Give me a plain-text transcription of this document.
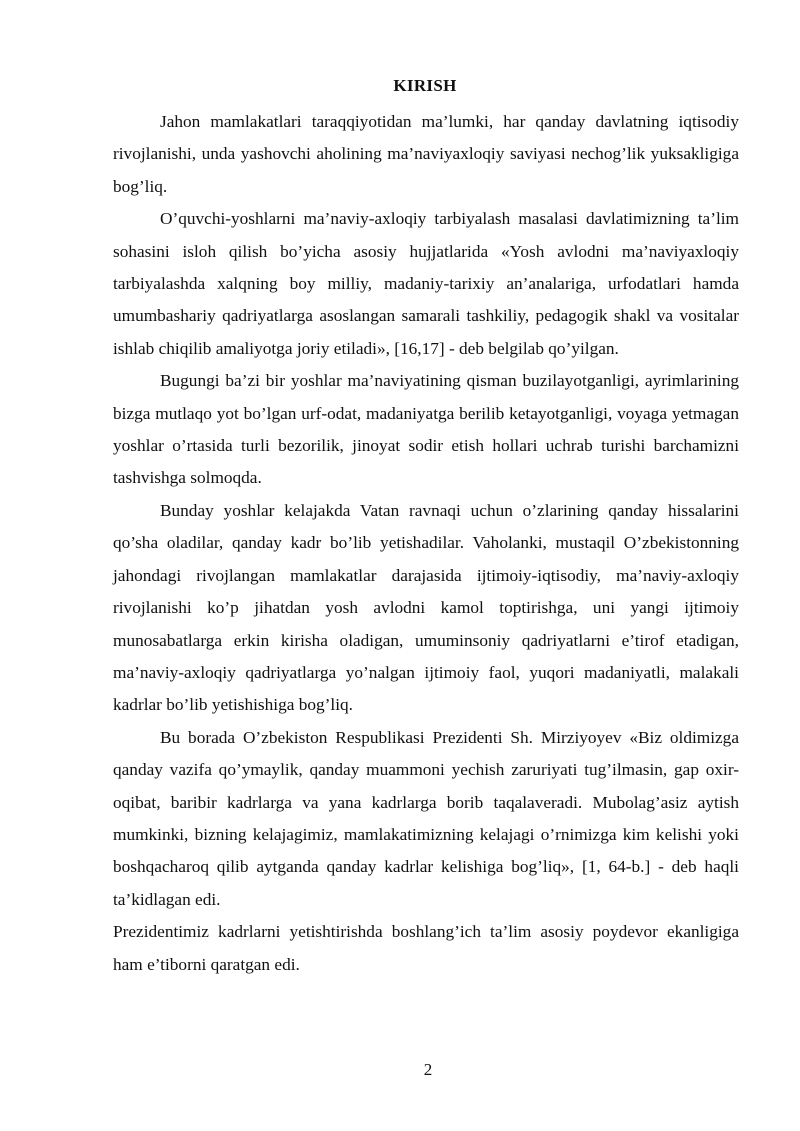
KIRISH

Jahon mamlakatlari taraqqiyotidan ma’lumki, har qanday davlatning iqtisodiy rivojlanishi, unda yashovchi aholining ma’naviyaxloqiy saviyasi nechog’lik yuksakligiga bog’liq.

O’quvchi-yoshlarni ma’naviy-axloqiy tarbiyalash masalasi davlatimizning ta’lim sohasini isloh qilish bo’yicha asosiy hujjatlarida «Yosh avlodni ma’naviyaxloqiy tarbiyalashda xalqning boy milliy, madaniy-tarixiy an’analariga, urfodatlari hamda umumbashariy qadriyatlarga asoslangan samarali tashkiliy, pedagogik shakl va vositalar ishlab chiqilib amaliyotga joriy etiladi», [16,17] - deb belgilab qo’yilgan.

Bugungi ba’zi bir yoshlar ma’naviyatining qisman buzilayotganligi, ayrimlarining bizga mutlaqo yot bo’lgan urf-odat, madaniyatga berilib ketayotganligi, voyaga yetmagan yoshlar o’rtasida turli bezorilik, jinoyat sodir etish hollari uchrab turishi barchamizni tashvishga solmoqda.

Bunday yoshlar kelajakda Vatan ravnaqi uchun o’zlarining qanday hissalarini qo’sha oladilar, qanday kadr bo’lib yetishadilar. Vaholanki, mustaqil O’zbekistonning jahondagi rivojlangan mamlakatlar darajasida ijtimoiy-iqtisodiy, ma’naviy-axloqiy rivojlanishi ko’p jihatdan yosh avlodni kamol toptirishga, uni yangi ijtimoiy munosabatlarga erkin kirisha oladigan, umuminsoniy qadriyatlarni e’tirof etadigan, ma’naviy-axloqiy qadriyatlarga yo’nalgan ijtimoiy faol, yuqori madaniyatli, malakali kadrlar bo’lib yetishishiga bog’liq.

Bu borada O’zbekiston Respublikasi Prezidenti Sh. Mirziyoyev «Biz oldimizga qanday vazifa qo’ymaylik, qanday muammoni yechish zaruriyati tug’ilmasin, gap oxir-oqibat, baribir kadrlarga va yana kadrlarga borib taqalaveradi. Mubolag’asiz aytish mumkinki, bizning kelajagimiz, mamlakatimizning kelajagi o’rnimizga kim kelishi yoki boshqacharoq qilib aytganda qanday kadrlar kelishiga bog’liq», [1, 64-b.] - deb haqli ta’kidlagan edi.

Prezidentimiz kadrlarni yetishtirishda boshlang’ich ta’lim asosiy poydevor ekanligiga ham e’tiborni qaratgan edi.

2
